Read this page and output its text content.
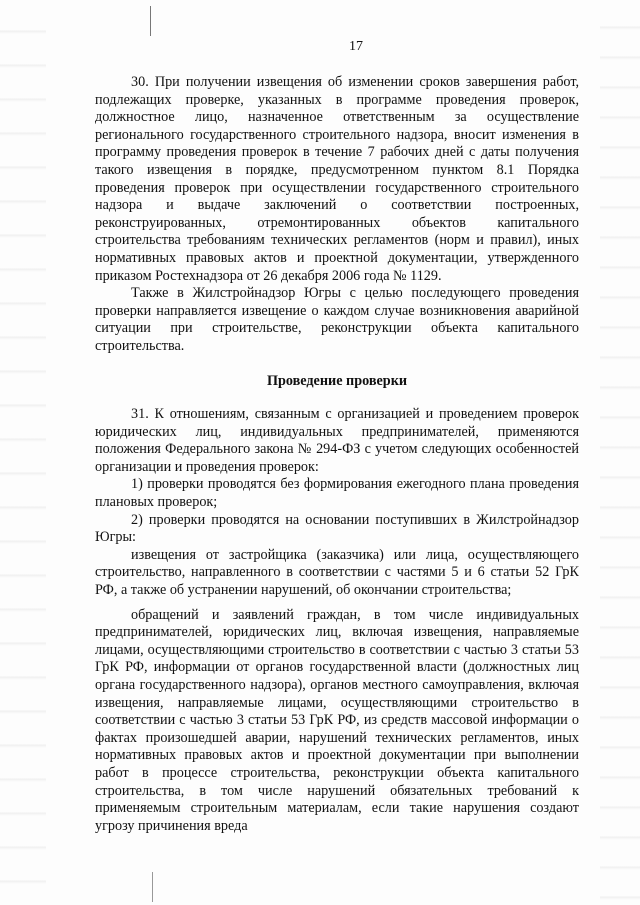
17

30. При получении извещения об изменении сроков завершения работ, подлежащих проверке, указанных в программе проведения проверок, должностное лицо, назначенное ответственным за осуществление регионального государственного строительного надзора, вносит изменения в программу проведения проверок в течение 7 рабочих дней с даты получения такого извещения в порядке, предусмотренном пунктом 8.1 Порядка проведения проверок при осуществлении государственного строительного надзора и выдаче заключений о соответствии построенных, реконструированных, отремонтированных объектов капитального строительства требованиям технических регламентов (норм и правил), иных нормативных правовых актов и проектной документации, утвержденного приказом Ростехнадзора от 26 декабря 2006 года № 1129.

Также в Жилстройнадзор Югры с целью последующего проведения проверки направляется извещение о каждом случае возникновения аварийной ситуации при строительстве, реконструкции объекта капитального строительства.

Проведение проверки

31. К отношениям, связанным с организацией и проведением проверок юридических лиц, индивидуальных предпринимателей, применяются положения Федерального закона № 294-ФЗ с учетом следующих особенностей организации и проведения проверок:

1) проверки проводятся без формирования ежегодного плана проведения плановых проверок;

2) проверки проводятся на основании поступивших в Жилстройнадзор Югры:

извещения от застройщика (заказчика) или лица, осуществляющего строительство, направленного в соответствии с частями 5 и 6 статьи 52 ГрК РФ, а также об устранении нарушений, об окончании строительства;

обращений и заявлений граждан, в том числе индивидуальных предпринимателей, юридических лиц, включая извещения, направляемые лицами, осуществляющими строительство в соответствии с частью 3 статьи 53 ГрК РФ, информации от органов государственной власти (должностных лиц органа государственного надзора), органов местного самоуправления, включая извещения, направляемые лицами, осуществляющими строительство в соответствии с частью 3 статьи 53 ГрК РФ, из средств массовой информации о фактах произошедшей аварии, нарушений технических регламентов, иных нормативных правовых актов и проектной документации при выполнении работ в процессе строительства, реконструкции объекта капитального строительства, в том числе нарушений обязательных требований к применяемым строительным материалам, если такие нарушения создают угрозу причинения вреда
